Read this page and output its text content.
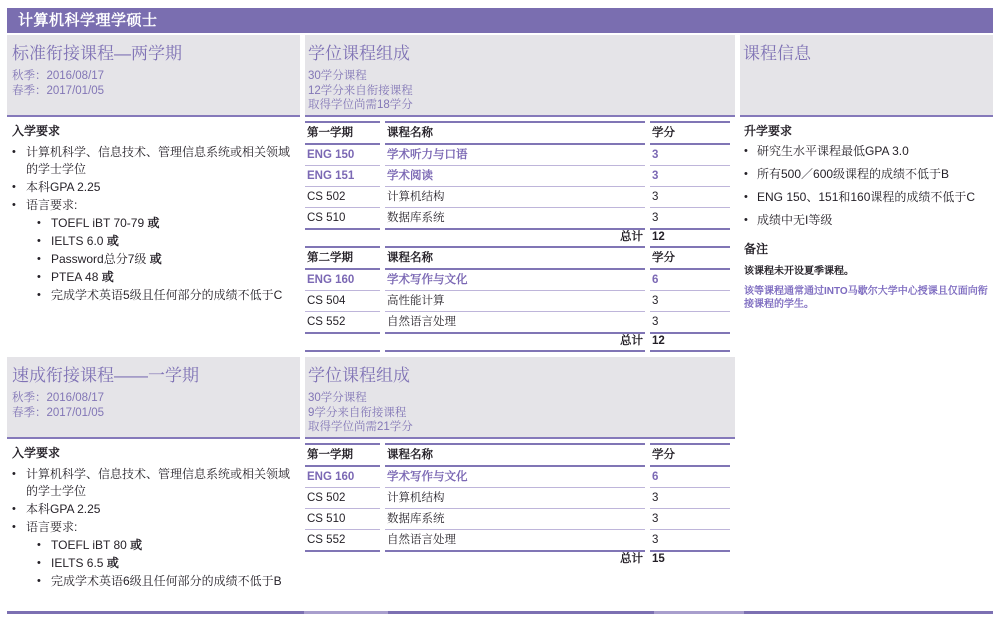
计算机科学理学硕士
标准衔接课程—两学期
秋季：2016/08/17
春季：2017/01/05
学位课程组成
30学分课程
12学分来自衔接课程
取得学位尚需18学分
课程信息
入学要求
• 计算机科学、信息技术、管理信息系统或相关领域的学士学位
• 本科GPA 2.25
• 语言要求:
• TOEFL iBT 70-79 或
• IELTS 6.0 或
• Password总分7级 或
• PTEA 48 或
• 完成学术英语5级且任何部分的成绩不低于C
第一学期	课程名称	学分
ENG 150	学术听力与口语	3
ENG 151	学术阅读	3
CS 502	计算机结构	3
CS 510	数据库系统	3
	总计	12
第二学期	课程名称	学分
ENG 160	学术写作与文化	6
CS 504	高性能计算	3
CS 552	自然语言处理	3
	总计	12
升学要求
• 研究生水平课程最低GPA 3.0
• 所有500／600级课程的成绩不低于B
• ENG 150、151和160课程的成绩不低于C
• 成绩中无I等级
备注
该课程未开设夏季课程。
该等课程通常通过INTO马歇尔大学中心授课且仅面向衔接课程的学生。
速成衔接课程——一学期
秋季：2016/08/17
春季：2017/01/05
学位课程组成
30学分课程
9学分来自衔接课程
取得学位尚需21学分
入学要求
• 计算机科学、信息技术、管理信息系统或相关领域的学士学位
• 本科GPA 2.25
• 语言要求:
• TOEFL iBT 80 或
• IELTS 6.5 或
• 完成学术英语6级且任何部分的成绩不低于B
第一学期	课程名称	学分
ENG 160	学术写作与文化	6
CS 502	计算机结构	3
CS 510	数据库系统	3
CS 552	自然语言处理	3
	总计	15
